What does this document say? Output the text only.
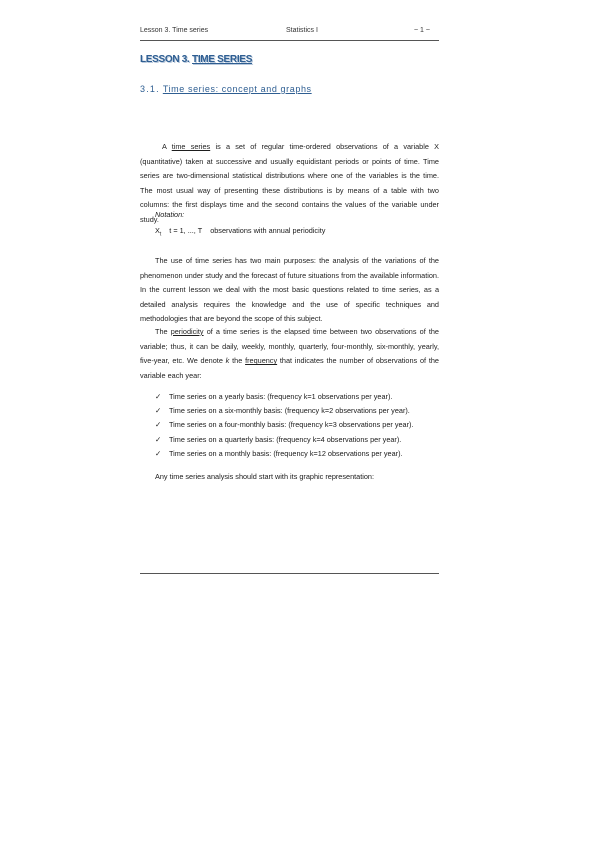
Lesson 3. Time series	Statistics I	~ 1 ~
LESSON 3. TIME SERIES
3.1. Time series: concept and graphs
A time series is a set of regular time-ordered observations of a variable X (quantitative) taken at successive and usually equidistant periods or points of time. Time series are two-dimensional statistical distributions where one of the variables is the time. The most usual way of presenting these distributions is by means of a table with two columns: the first displays time and the second contains the values of the variable under study.
Notation:
$X_t$ t = 1, ..., T observations with annual periodicity
The use of time series has two main purposes: the analysis of the variations of the phenomenon under study and the forecast of future situations from the available information. In the current lesson we deal with the most basic questions related to time series, as a detailed analysis requires the knowledge and the use of specific techniques and methodologies that are beyond the scope of this subject.
The periodicity of a time series is the elapsed time between two observations of the variable; thus, it can be daily, weekly, monthly, quarterly, four-monthly, six-monthly, yearly, five-year, etc. We denote k the frequency that indicates the number of observations of the variable each year:
✓ Time series on a yearly basis: (frequency k=1 observations per year).
✓ Time series on a six-monthly basis: (frequency k=2 observations per year).
✓ Time series on a four-monthly basis: (frequency k=3 observations per year).
✓ Time series on a quarterly basis: (frequency k=4 observations per year).
✓ Time series on a monthly basis: (frequency k=12 observations per year).
Any time series analysis should start with its graphic representation:
